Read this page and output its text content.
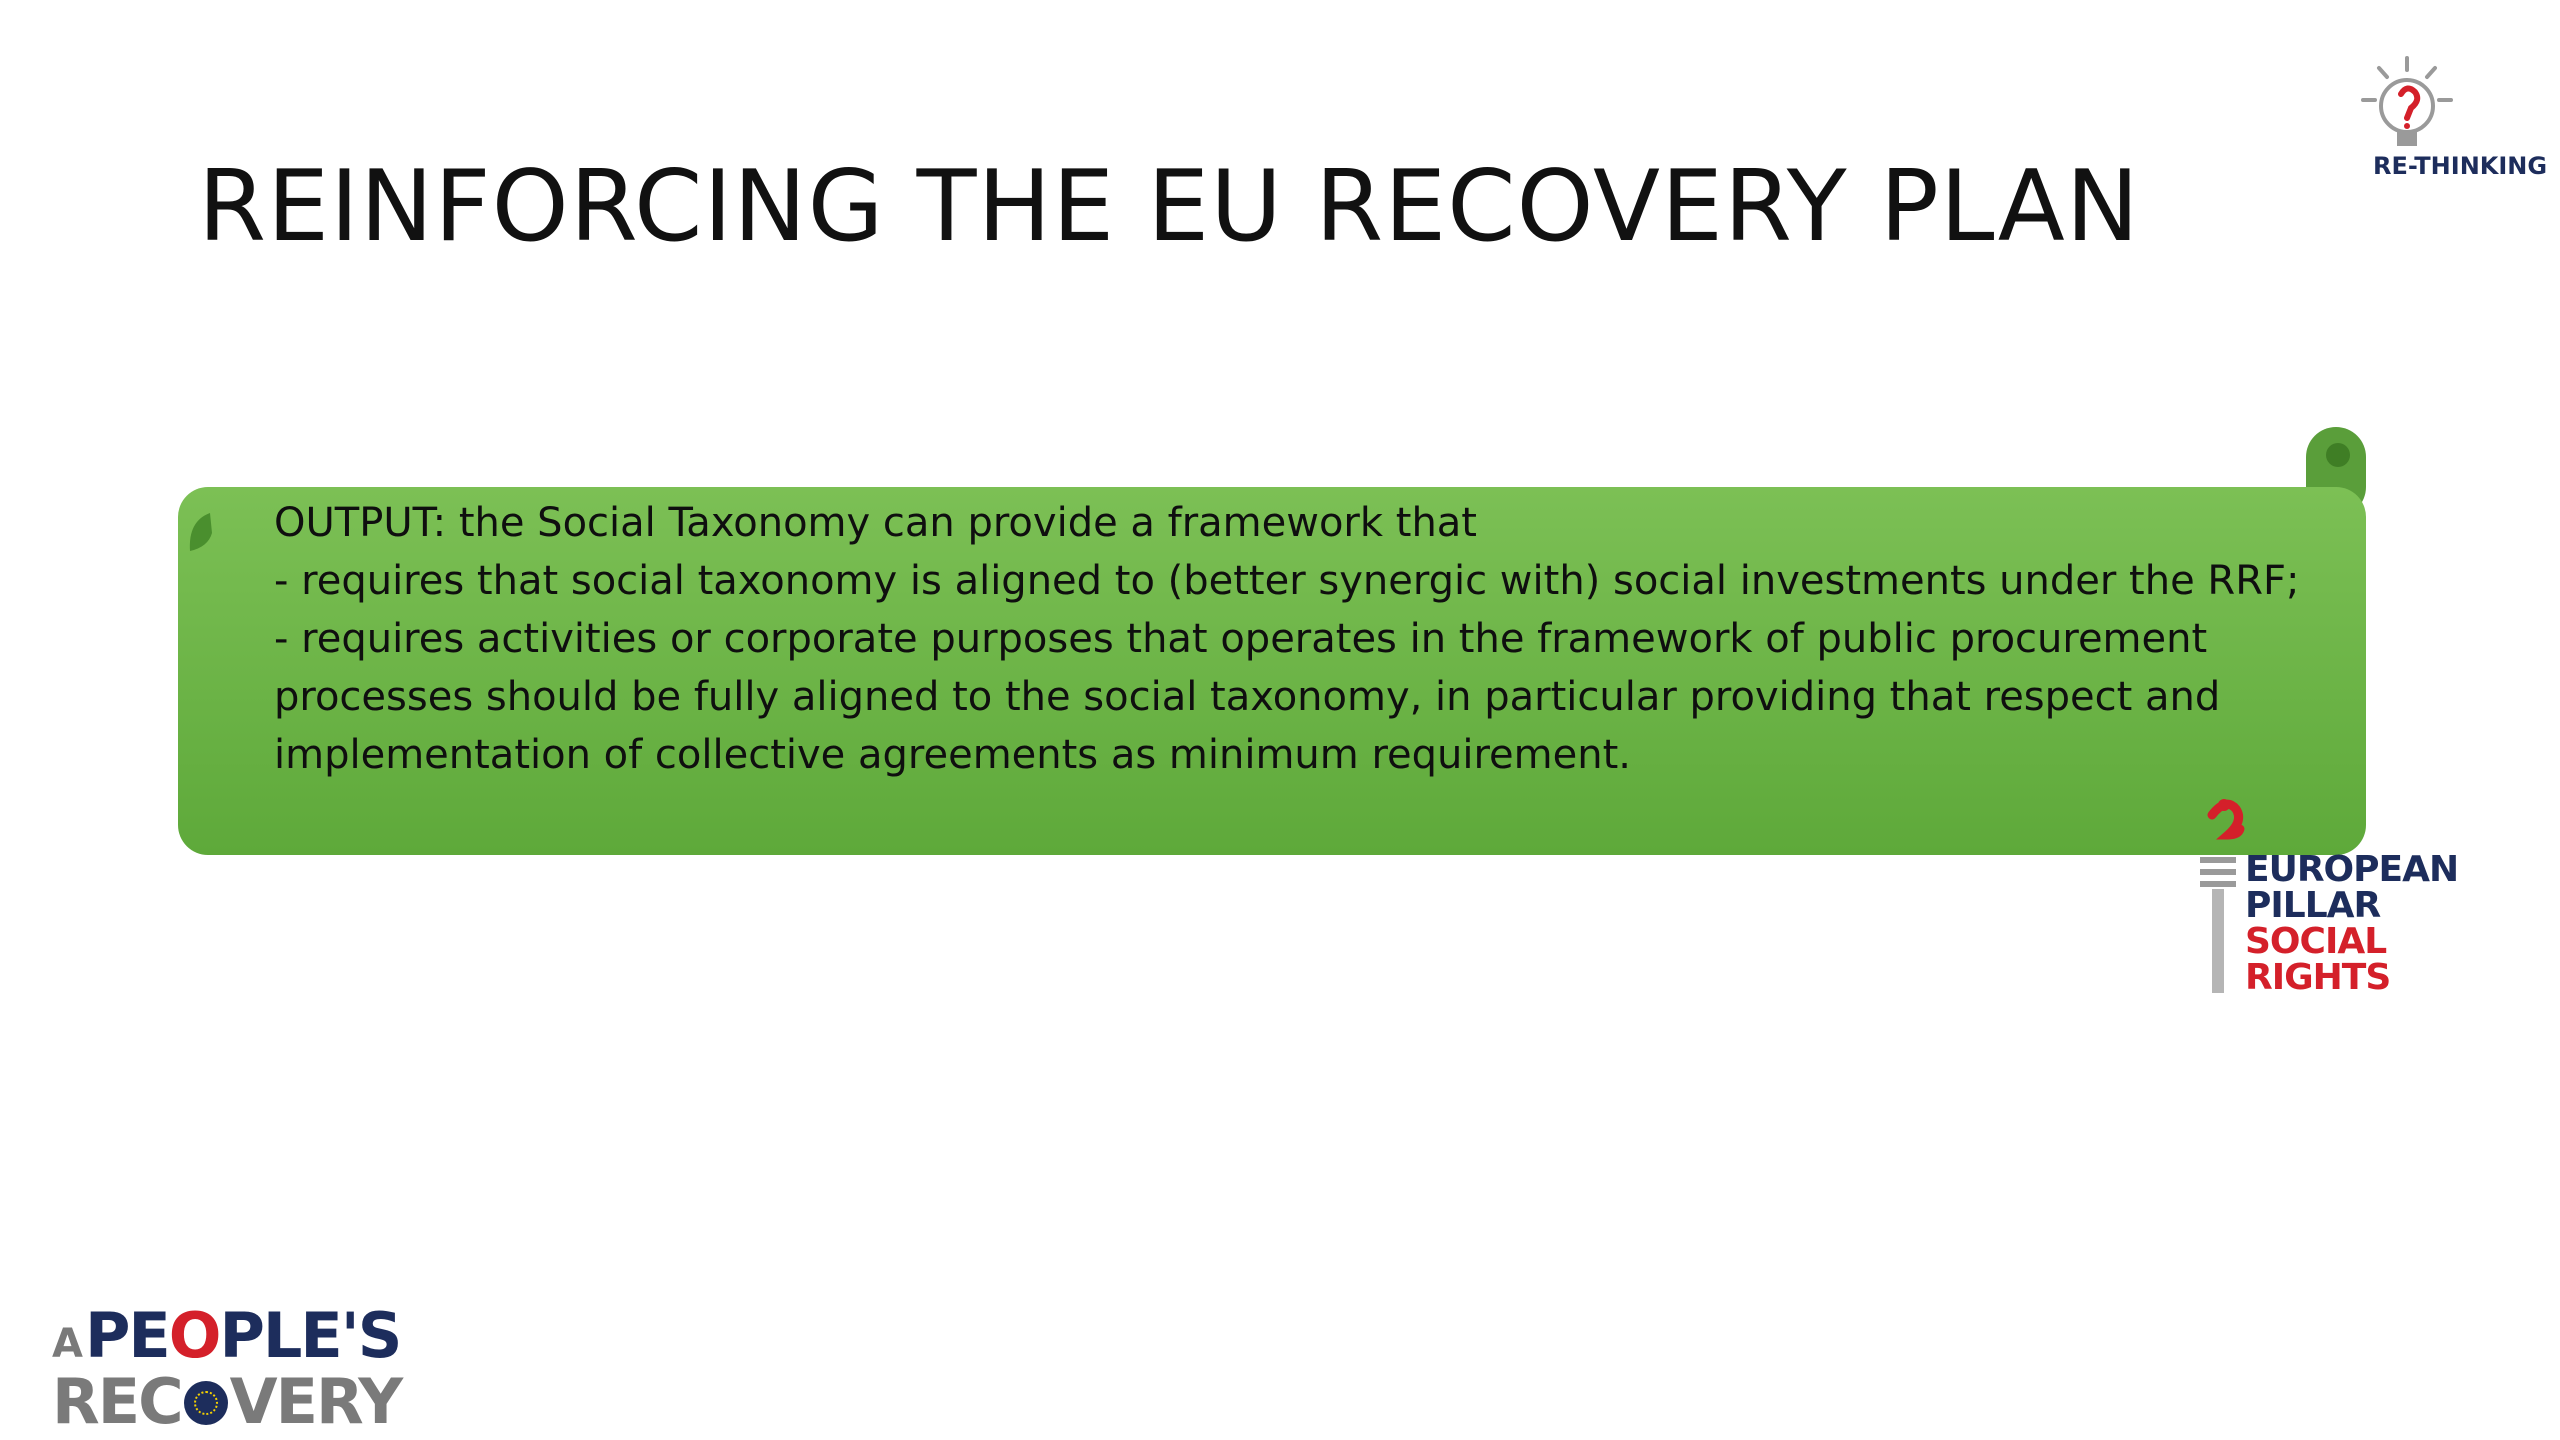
REINFORCING THE EU RECOVERY PLAN
OUTPUT: the Social Taxonomy can provide a framework that
- requires that social taxonomy is aligned to (better synergic with) social investments under the RRF;
- requires activities or corporate purposes that operates in the framework of public procurement
processes should be fully aligned to the social taxonomy, in particular providing that respect and
implementation of collective agreements as minimum requirement.
RE-THINKING
EUROPEAN
PILLAR
SOCIAL
RIGHTS
APEOPLE'S
REC VERY
